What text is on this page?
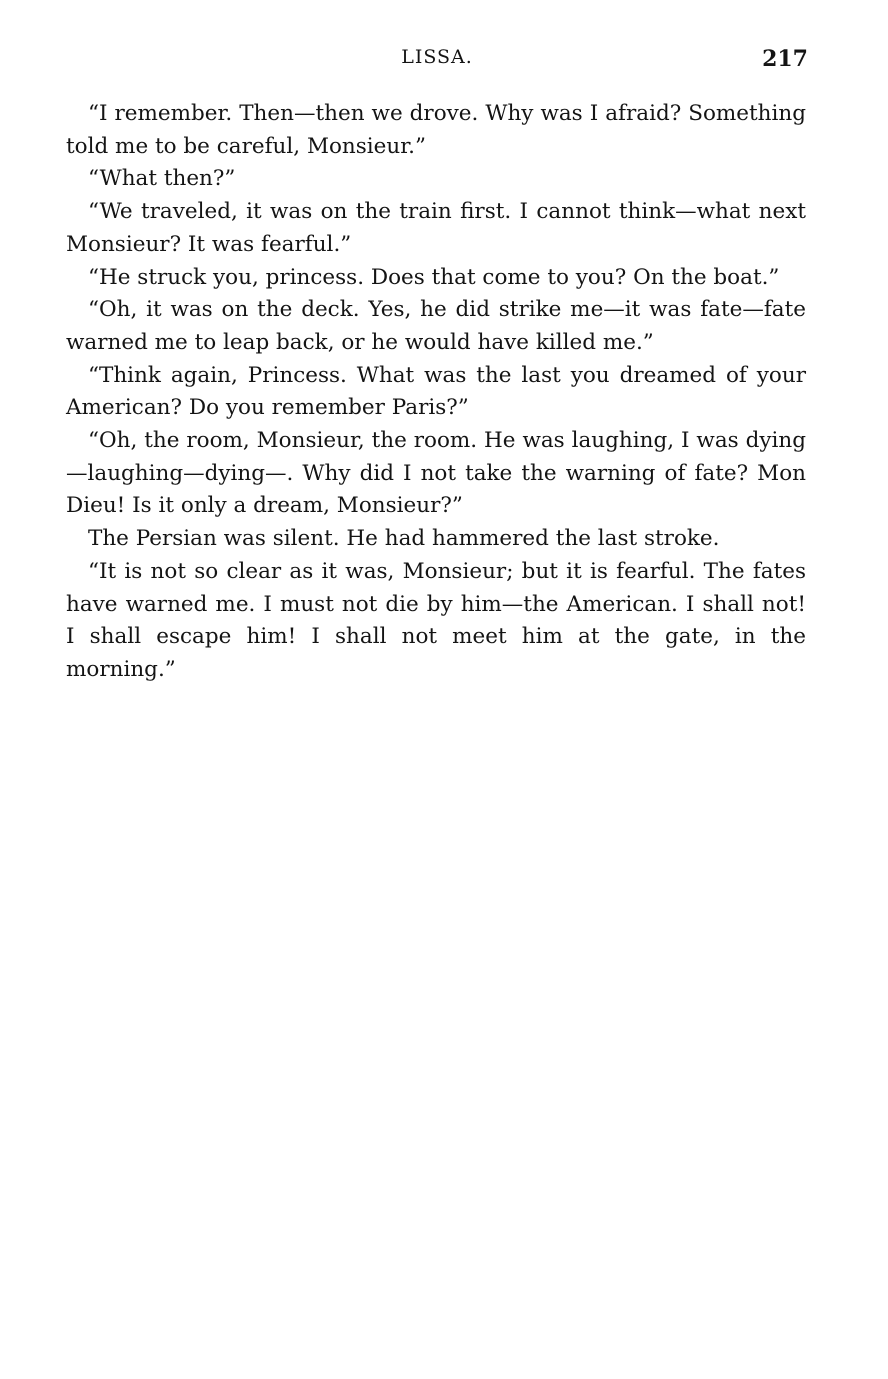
LISSA.	217

“I remember. Then—then we drove. Why was I afraid? Something told me to be careful, Monsieur.”

“What then?”

“We traveled, it was on the train first. I cannot think—what next Monsieur? It was fearful.”

“He struck you, princess. Does that come to you? On the boat.”

“Oh, it was on the deck. Yes, he did strike me—it was fate—fate warned me to leap back, or he would have killed me.”

“Think again, Princess. What was the last you dreamed of your American? Do you remember Paris?”

“Oh, the room, Monsieur, the room. He was laughing, I was dying—laughing—dying—. Why did I not take the warning of fate? Mon Dieu! Is it only a dream, Monsieur?”

The Persian was silent. He had hammered the last stroke.

“It is not so clear as it was, Monsieur; but it is fearful. The fates have warned me. I must not die by him—the American. I shall not! I shall escape him! I shall not meet him at the gate, in the morning.”
